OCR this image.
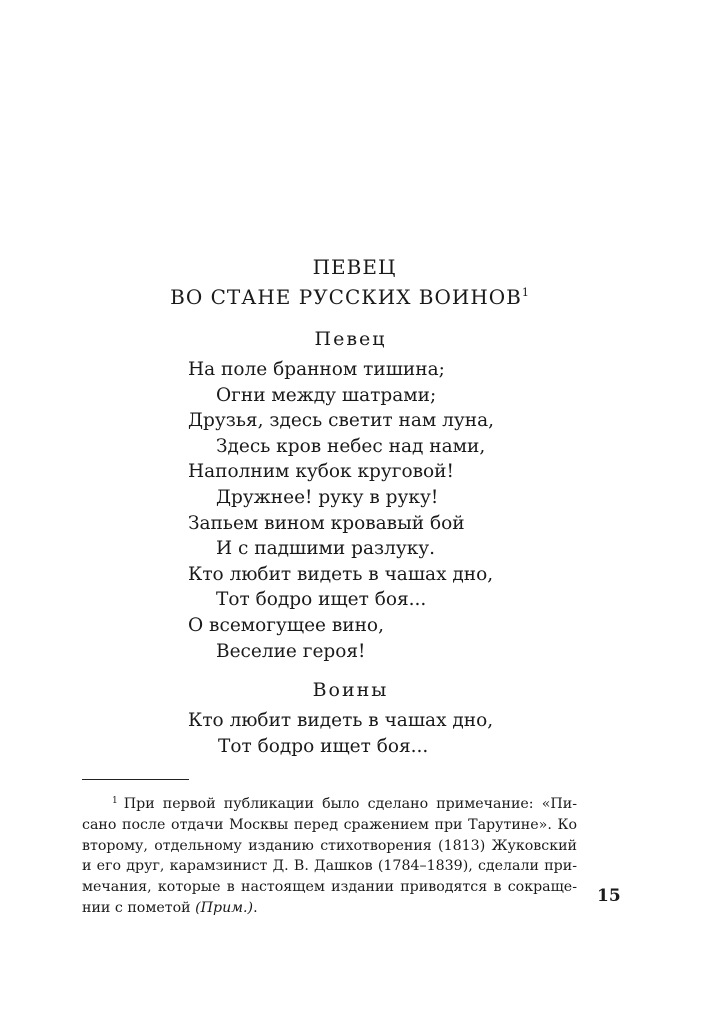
ПЕВЕЦ
ВО СТАНЕ РУССКИХ ВОИНОВ$^1$
Певец
На поле бранном тишина;
Огни между шатрами;
Друзья, здесь светит нам луна,
Здесь кров небес над нами,
Наполним кубок круговой!
Дружнее! руку в руку!
Запьем вином кровавый бой
И с падшими разлуку.
Кто любит видеть в чашах дно,
Тот бодро ищет боя...
О всемогущее вино,
Веселие героя!
Воины
Кто любит видеть в чашах дно,
Тот бодро ищет боя...
$^1$ При первой публикации было сделано примечание: «Пи-
сано после отдачи Москвы перед сражением при Тарутине». Ко
второму, отдельному изданию стихотворения (1813) Жуковский
и его друг, карамзинист Д. В. Дашков (1784–1839), сделали при-
мечания, которые в настоящем издании приводятся в сокраще-
нии с пометой (Прим.).
15
